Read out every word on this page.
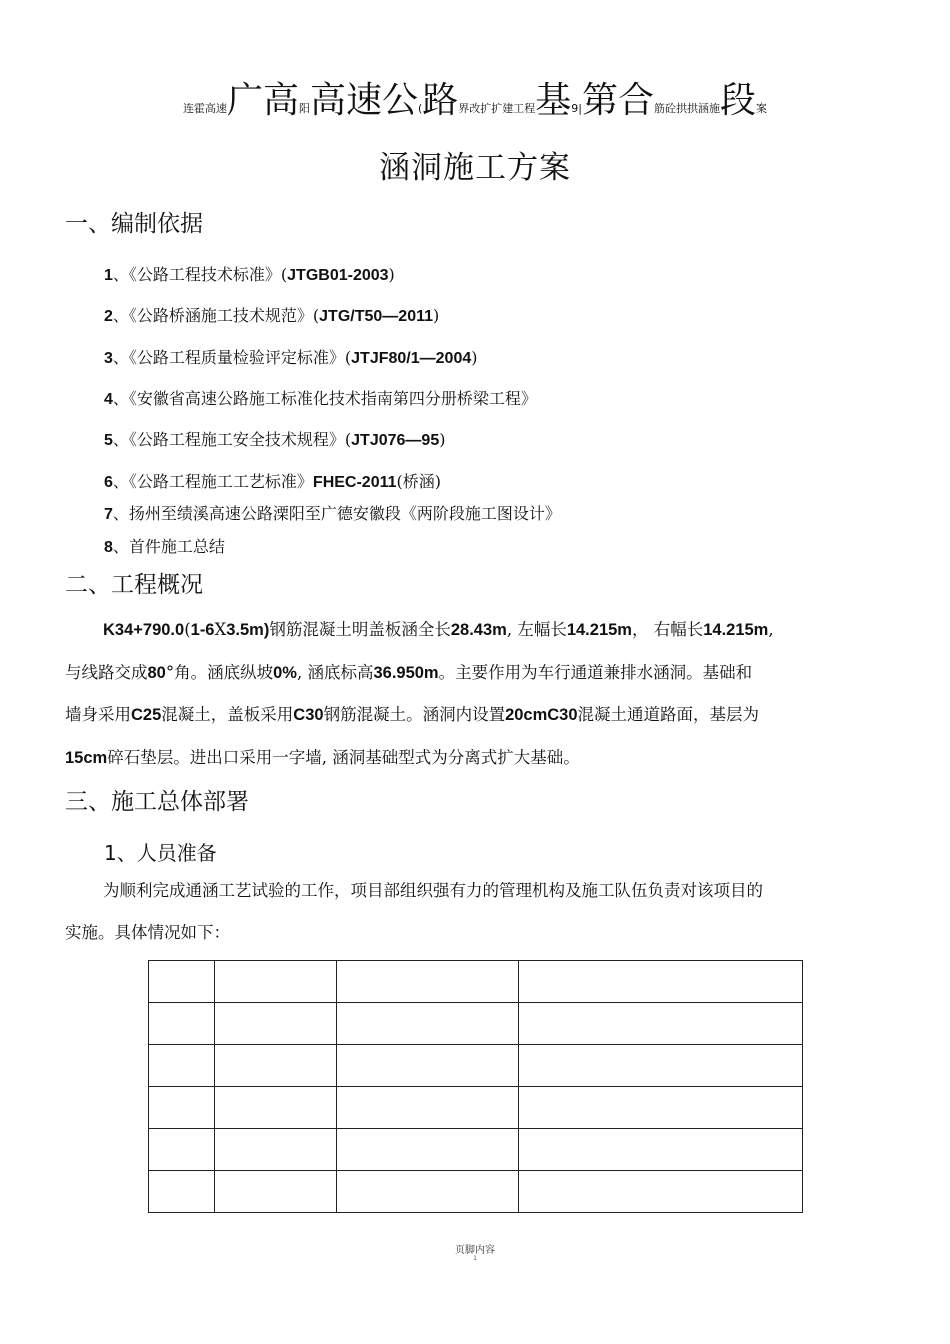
连霍高速 广高 阳 高速公 ( 路 界 改扩扩建工程 基 9| 第合 筋砼拱拱涵施 段 案
涵洞施工方案
一、编制依据
1、《公路工程技术标准》(JTGB01-2003)
2、《公路桥涵施工技术规范》(JTG/T50—2011)
3、《公路工程质量检验评定标准》(JTJF80/1—2004)
4、《安徽省高速公路施工标准化技术指南第四分册桥梁工程》
5、《公路工程施工安全技术规程》(JTJ076—95)
6、《公路工程施工工艺标准》FHEC-2011(桥涵)
7、扬州至绩溪高速公路溧阳至广德安徽段《两阶段施工图设计》
8、首件施工总结
二、工程概况
K34+790.0(1-6Ⅹ3.5m)钢筋混凝土明盖板涵全长28.43m, 左幅长14.215m， 右幅长14.215m,
与线路交成80°角。涵底纵坡0%, 涵底标高36.950m。主要作用为车行通道兼排水涵洞。基础和
墙身采用C25混凝土，盖板采用C30钢筋混凝土。涵洞内设置20cmC30混凝土通道路面，基层为
15cm碎石垫层。进出口采用一字墙, 涵洞基础型式为分离式扩大基础。
三、施工总体部署
1、人员准备
为顺利完成通涵工艺试验的工作，项目部组织强有力的管理机构及施工队伍负责对该项目的
实施。具体情况如下：

页脚内容
1
